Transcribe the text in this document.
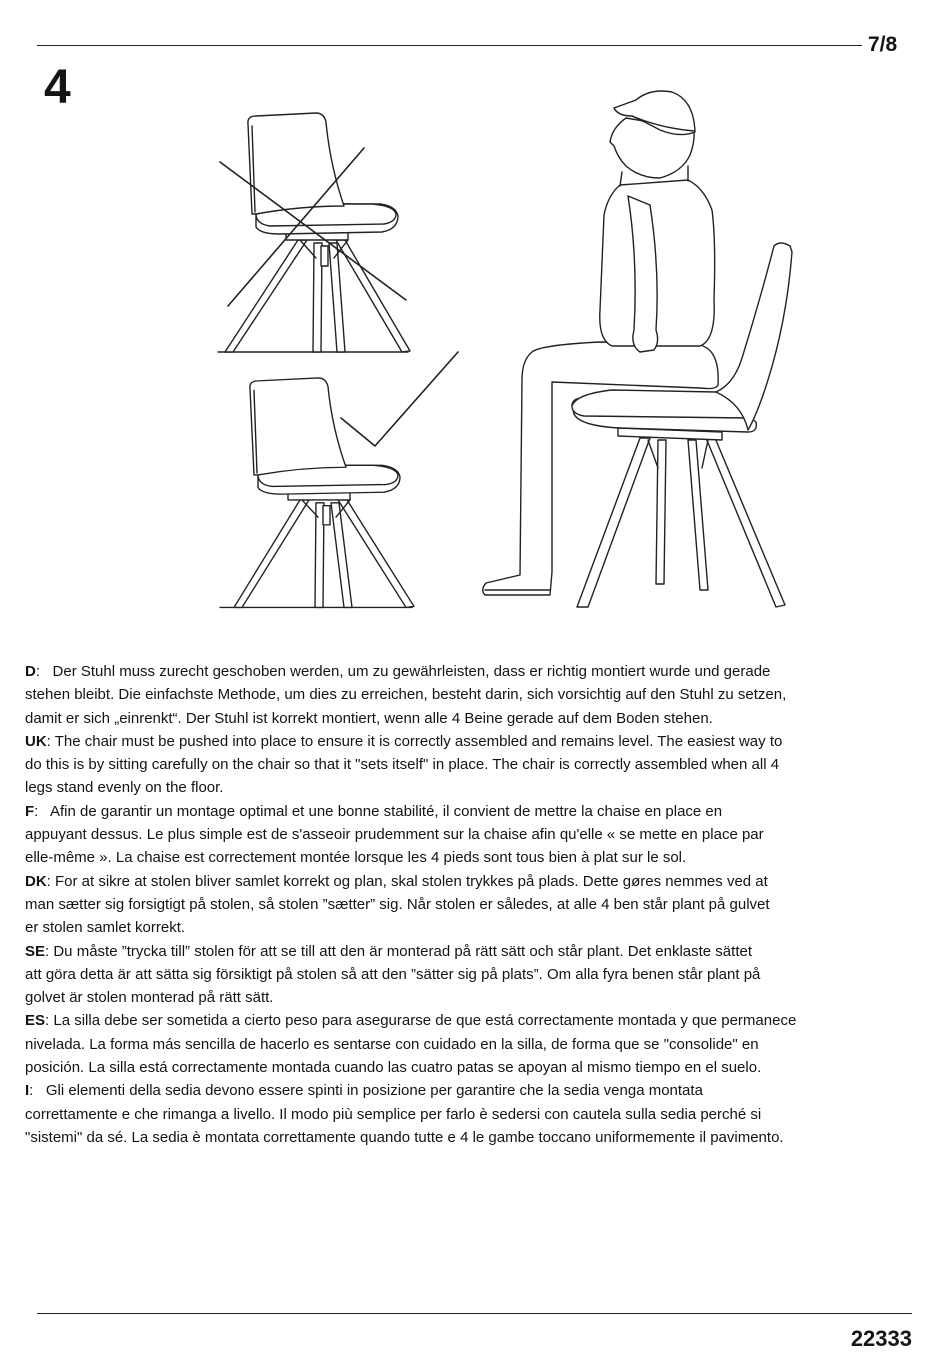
7/8
4
D:   Der Stuhl muss zurecht geschoben werden, um zu gewährleisten, dass er richtig montiert wurde und gerade
stehen bleibt. Die einfachste Methode, um dies zu erreichen, besteht darin, sich vorsichtig auf den Stuhl zu setzen,
damit er sich „einrenkt“. Der Stuhl ist korrekt montiert, wenn alle 4 Beine gerade auf dem Boden stehen.
UK: The chair must be pushed into place to ensure it is correctly assembled and remains level. The easiest way to
do this is by sitting carefully on the chair so that it "sets itself" in place. The chair is correctly assembled when all 4
legs stand evenly on the floor.
F:   Afin de garantir un montage optimal et une bonne stabilité, il convient de mettre la chaise en place en
appuyant dessus. Le plus simple est de s'asseoir prudemment sur la chaise afin qu'elle « se mette en place par
elle-même ». La chaise est correctement montée lorsque les 4 pieds sont tous bien à plat sur le sol.
DK: For at sikre at stolen bliver samlet korrekt og plan, skal stolen trykkes på plads. Dette gøres nemmes ved at
man sætter sig forsigtigt på stolen, så stolen ”sætter” sig. Når stolen er således, at alle 4 ben står plant på gulvet
er stolen samlet korrekt.
SE: Du måste ”trycka till” stolen för att se till att den är monterad på rätt sätt och står plant. Det enklaste sättet
att göra detta är att sätta sig försiktigt på stolen så att den ”sätter sig på plats”. Om alla fyra benen står plant på
golvet är stolen monterad på rätt sätt.
ES: La silla debe ser sometida a cierto peso para asegurarse de que está correctamente montada y que permanece
nivelada. La forma más sencilla de hacerlo es sentarse con cuidado en la silla, de forma que se "consolide" en
posición. La silla está correctamente montada cuando las cuatro patas se apoyan al mismo tiempo en el suelo.
I:   Gli elementi della sedia devono essere spinti in posizione per garantire che la sedia venga montata
correttamente e che rimanga a livello. Il modo più semplice per farlo è sedersi con cautela sulla sedia perché si
"sistemi" da sé. La sedia è montata correttamente quando tutte e 4 le gambe toccano uniformemente il pavimento.
22333
